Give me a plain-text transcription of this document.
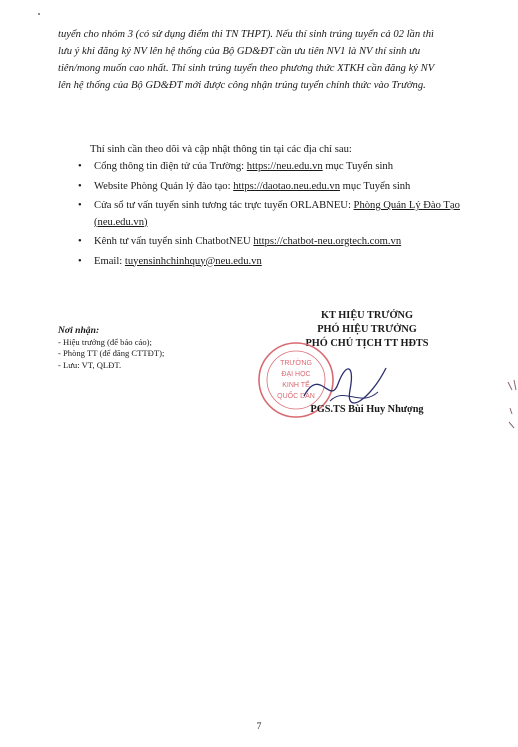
tuyển cho nhóm 3 (có sử dụng điểm thi TN THPT). Nếu thí sinh trúng tuyển cả 02 lần thì
lưu ý khi đăng ký NV lên hệ thống của Bộ GD&ĐT cần ưu tiên NV1 là NV thí sinh ưu
tiên/mong muốn cao nhất. Thí sinh trúng tuyển theo phương thức XTKH cần đăng ký NV
lên hệ thống của Bộ GD&ĐT mới được công nhận trúng tuyển chính thức vào Trường.
Thí sinh cần theo dõi và cập nhật thông tin tại các địa chỉ sau:
• Cổng thông tin điện tử của Trường: https://neu.edu.vn mục Tuyển sinh
• Website Phòng Quản lý đào tạo: https://daotao.neu.edu.vn mục Tuyển sinh
• Cửa sổ tư vấn tuyển sinh tương tác trực tuyến ORLABNEU: Phòng Quản Lý Đào Tạo (neu.edu.vn)
• Kênh tư vấn tuyển sinh ChatbotNEU https://chatbot-neu.orgtech.com.vn
• Email: tuyensinhchinhquy@neu.edu.vn
Nơi nhận:
- Hiệu trưởng (để báo cáo);
- Phòng TT (để đăng CTTĐT);
- Lưu: VT, QLĐT.
KT HIỆU TRƯỞNG
PHÓ HIỆU TRƯỞNG
PHÓ CHỦ TỊCH TT HĐTS
TRƯỜNG
ĐẠI HỌC
KINH TẾ
QUỐC DÂN
PGS.TS Bùi Huy Nhượng
7
